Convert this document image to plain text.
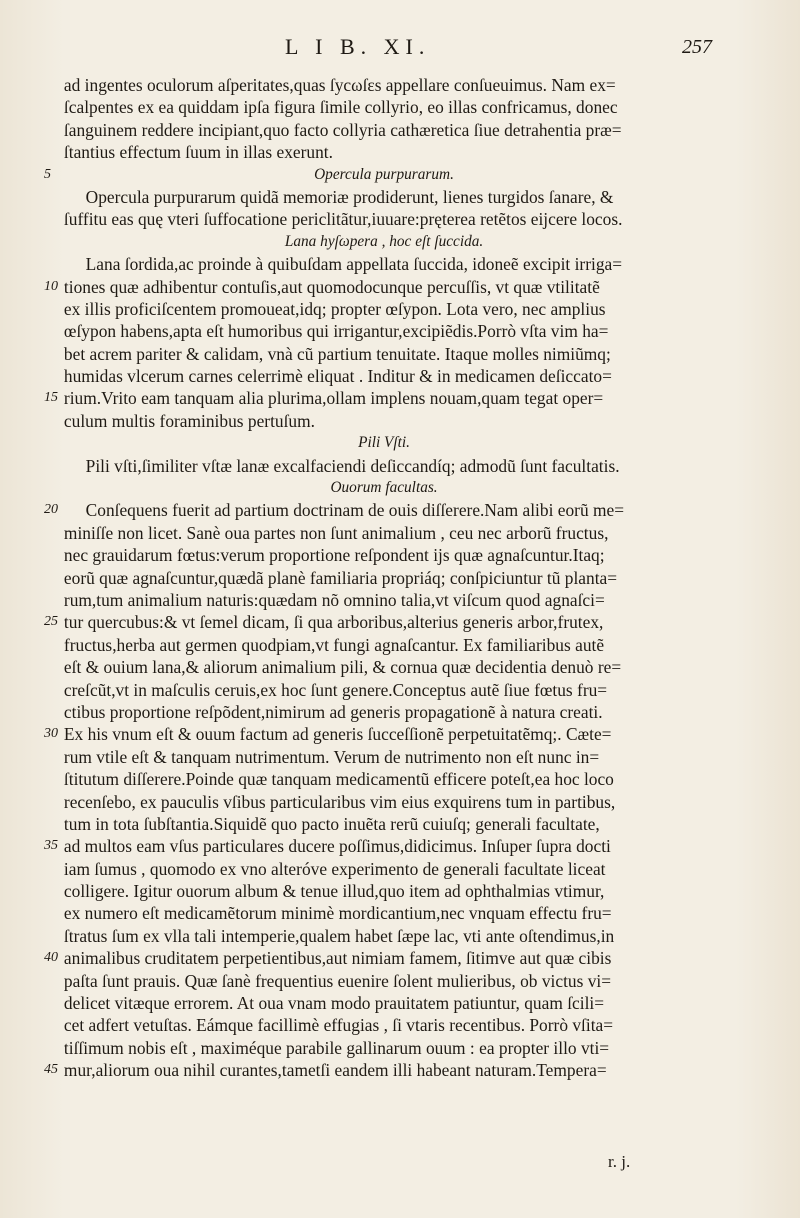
L I B. XI.	257
ad ingentes oculorum aſperitates,quas ſycωſεs appellare conſueuimus. Nam ex=
ſcalpentes ex ea quiddam ipſa figura ſimile collyrio, eo illas confricamus, donec
ſanguinem reddere incipiant,quo facto collyria cathæretica ſiue detrahentia præ=
ſtantius effectum ſuum in illas exerunt.
5	Opercula purpurarum.
Opercula purpurarum quidã memoriæ prodiderunt, lienes turgidos ſanare, &
ſuffitu eas quę vteri ſuffocatione periclitãtur,iuuare:pręterea retẽtos eijcere locos.
Lana hyſωpera , hoc eſt ſuccida.
Lana ſordida,ac proinde à quibuſdam appellata ſuccida, idoneẽ excipit irriga=
10 tiones quæ adhibentur contuſis,aut quomodocunque percuſſis, vt quæ vtilitatẽ
ex illis proficiſcentem promoueat,idq; propter œſypon. Lota vero, nec amplius
œſypon habens,apta eſt humoribus qui irrigantur,excipiẽdis.Porrò vſta vim ha=
bet acrem pariter & calidam, vnà cũ partium tenuitate. Itaque molles nimiũmq;
humidas vlcerum carnes celerrimè eliquat . Inditur & in medicamen deſiccato=
15 rium.Vrito eam tanquam alia plurima,ollam implens nouam,quam tegat oper=
culum multis foraminibus pertuſum.
Pili Vſti.
Pili vſti,ſimiliter vſtæ lanæ excalfaciendi deſiccandíq; admodũ ſunt facultatis.
Ouorum facultas.
20	Conſequens fuerit ad partium doctrinam de ouis diſſerere.Nam alibi eorũ me=
miniſſe non licet. Sanè oua partes non ſunt animalium , ceu nec arborũ fructus,
nec grauidarum fœtus:verum proportione reſpondent ijs quæ agnaſcuntur.Itaq;
eorũ quæ agnaſcuntur,quædã planè familiaria propriáq; conſpiciuntur tũ planta=
rum,tum animalium naturis:quædam nõ omnino talia,vt viſcum quod agnaſci=
25 tur quercubus:& vt ſemel dicam, ſi qua arboribus,alterius generis arbor,frutex,
fructus,herba aut germen quodpiam,vt fungi agnaſcantur. Ex familiaribus autẽ
eſt & ouium lana,& aliorum animalium pili, & cornua quæ decidentia denuò re=
creſcũt,vt in maſculis ceruis,ex hoc ſunt genere.Conceptus autẽ ſiue fœtus fru=
ctibus proportione reſpõdent,nimirum ad generis propagationẽ à natura creati.
30 Ex his vnum eſt & ouum factum ad generis ſucceſſionẽ perpetuitatẽmq;. Cæte=
rum vtile eſt & tanquam nutrimentum. Verum de nutrimento non eſt nunc in=
ſtitutum diſſerere.Poinde quæ tanquam medicamentũ efficere poteſt,ea hoc loco
recenſebo, ex pauculis vſibus particularibus vim eius exquirens tum in partibus,
tum in tota ſubſtantia.Siquidẽ quo pacto inuẽta rerũ cuiuſq; generali facultate,
35 ad multos eam vſus particulares ducere poſſimus,didicimus. Inſuper ſupra docti
iam ſumus , quomodo ex vno alteróve experimento de generali facultate liceat
colligere. Igitur ouorum album & tenue illud,quo item ad ophthalmias vtimur,
ex numero eſt medicamẽtorum minimè mordicantium,nec vnquam effectu fru=
ſtratus ſum ex vlla tali intemperie,qualem habet ſæpe lac, vti ante oſtendimus,in
40 animalibus cruditatem perpetientibus,aut nimiam famem, ſitimve aut quæ cibis
paſta ſunt prauis. Quæ ſanè frequentius euenire ſolent mulieribus, ob victus vi=
delicet vitæque errorem. At oua vnam modo prauitatem patiuntur, quam ſcili=
cet adfert vetuſtas. Eámque facillimè effugias , ſi vtaris recentibus. Porrò vſita=
tiſſimum nobis eſt , maximéque parabile gallinarum ouum : ea propter illo vti=
45 mur,aliorum oua nihil curantes,tametſi eandem illi habeant naturam.Tempera=
r. j.
